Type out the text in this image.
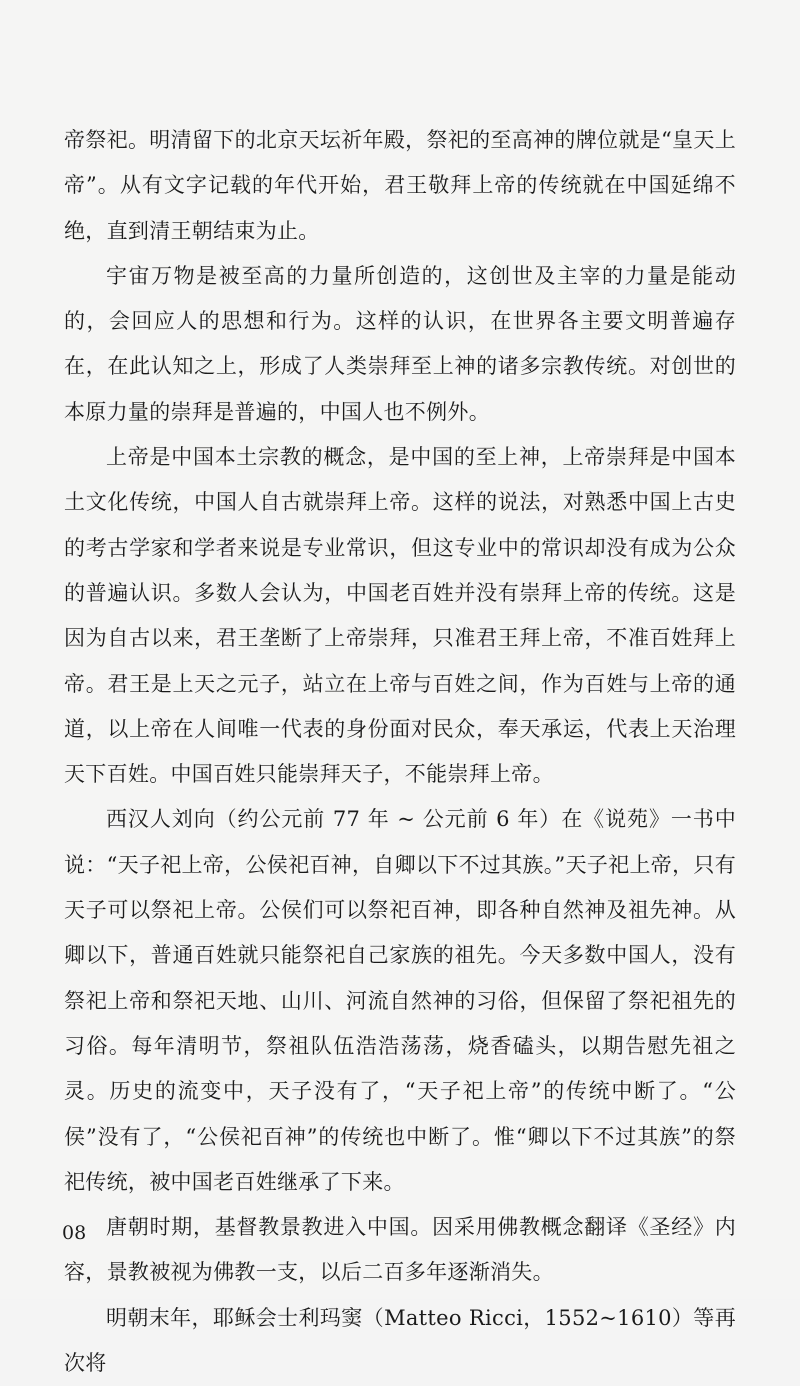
帝祭祀。明清留下的北京天坛祈年殿，祭祀的至高神的牌位就是“皇天上帝”。从有文字记载的年代开始，君王敬拜上帝的传统就在中国延绵不绝，直到清王朝结束为止。

宇宙万物是被至高的力量所创造的，这创世及主宰的力量是能动的，会回应人的思想和行为。这样的认识，在世界各主要文明普遍存在，在此认知之上，形成了人类崇拜至上神的诸多宗教传统。对创世的本原力量的崇拜是普遍的，中国人也不例外。

上帝是中国本土宗教的概念，是中国的至上神，上帝崇拜是中国本土文化传统，中国人自古就崇拜上帝。这样的说法，对熟悉中国上古史的考古学家和学者来说是专业常识，但这专业中的常识却没有成为公众的普遍认识。多数人会认为，中国老百姓并没有崇拜上帝的传统。这是因为自古以来，君王垄断了上帝崇拜，只准君王拜上帝，不准百姓拜上帝。君王是上天之元子，站立在上帝与百姓之间，作为百姓与上帝的通道，以上帝在人间唯一代表的身份面对民众，奉天承运，代表上天治理天下百姓。中国百姓只能崇拜天子，不能崇拜上帝。

西汉人刘向（约公元前 77 年 ~ 公元前 6 年）在《说苑》一书中说：“天子祀上帝，公侯祀百神，自卿以下不过其族。”天子祀上帝，只有天子可以祭祀上帝。公侯们可以祭祀百神，即各种自然神及祖先神。从卿以下，普通百姓就只能祭祀自己家族的祖先。今天多数中国人，没有祭祀上帝和祭祀天地、山川、河流自然神的习俗，但保留了祭祀祖先的习俗。每年清明节，祭祖队伍浩浩荡荡，烧香磕头，以期告慰先祖之灵。历史的流变中，天子没有了，“天子祀上帝”的传统中断了。“公侯”没有了，“公侯祀百神”的传统也中断了。惟“卿以下不过其族”的祭祀传统，被中国老百姓继承了下来。

唐朝时期，基督教景教进入中国。因采用佛教概念翻译《圣经》内容，景教被视为佛教一支，以后二百多年逐渐消失。

明朝末年，耶稣会士利玛窦（Matteo Ricci，1552~1610）等再次将

08
